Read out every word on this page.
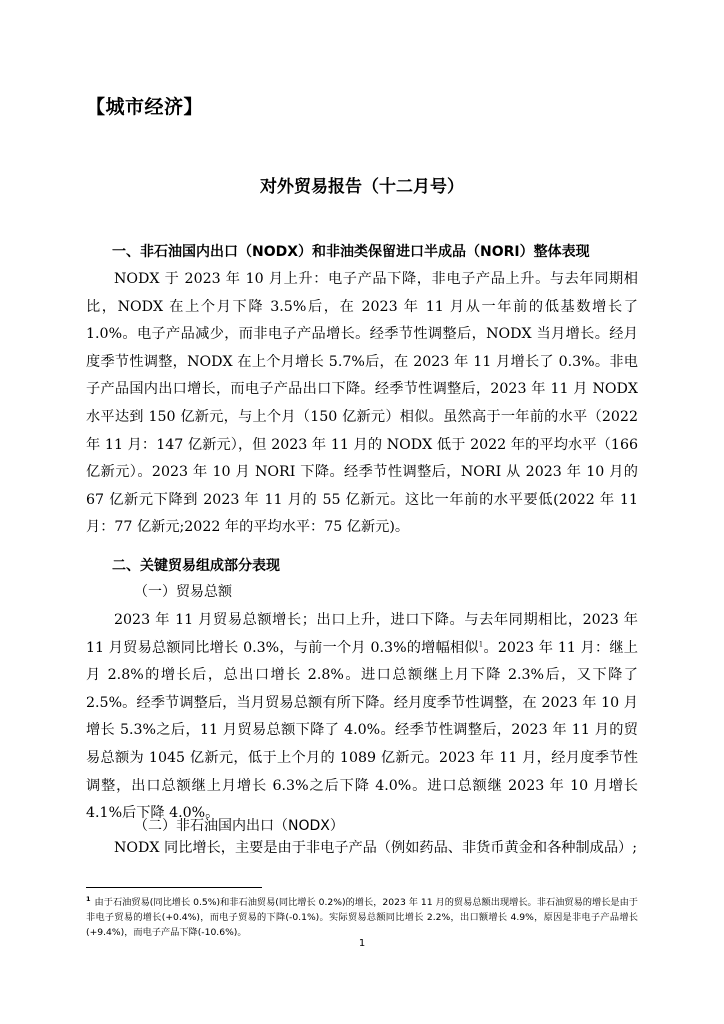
【城市经济】
对外贸易报告（十二月号）
一、非石油国内出口（NODX）和非油类保留进口半成品（NORI）整体表现

NODX 于 2023 年 10 月上升：电子产品下降，非电子产品上升。与去年同期相比，NODX 在上个月下降 3.5%后，在 2023 年 11 月从一年前的低基数增长了 1.0%。电子产品减少，而非电子产品增长。经季节性调整后，NODX 当月增长。经月度季节性调整，NODX 在上个月增长 5.7%后，在 2023 年 11 月增长了 0.3%。非电子产品国内出口增长，而电子产品出口下降。经季节性调整后，2023 年 11 月 NODX 水平达到 150 亿新元，与上个月（150 亿新元）相似。虽然高于一年前的水平（2022 年 11 月：147 亿新元），但 2023 年 11 月的 NODX 低于 2022 年的平均水平（166 亿新元）。2023 年 10 月 NORI 下降。经季节性调整后，NORI 从 2023 年 10 月的 67 亿新元下降到 2023 年 11 月的 55 亿新元。这比一年前的水平要低(2022 年 11 月：77 亿新元;2022 年的平均水平：75 亿新元)。

二、关键贸易组成部分表现
（一）贸易总额

2023 年 11 月贸易总额增长；出口上升，进口下降。与去年同期相比，2023 年 11 月贸易总额同比增长 0.3%，与前一个月 0.3%的增幅相似$^1$。2023 年 11 月：继上月 2.8%的增长后，总出口增长 2.8%。进口总额继上月下降 2.3%后，又下降了 2.5%。经季节调整后，当月贸易总额有所下降。经月度季节性调整，在 2023 年 10 月增长 5.3%之后，11 月贸易总额下降了 4.0%。经季节性调整后，2023 年 11 月的贸易总额为 1045 亿新元，低于上个月的 1089 亿新元。2023 年 11 月，经月度季节性调整，出口总额继上月增长 6.3%之后下降 4.0%。进口总额继 2023 年 10 月增长 4.1%后下降 4.0%。

（二）非石油国内出口（NODX）

NODX 同比增长，主要是由于非电子产品（例如药品、非货币黄金和各种制成品）;

$^1$ 由于石油贸易(同比增长 0.5%)和非石油贸易(同比增长 0.2%)的增长，2023 年 11 月的贸易总额出现增长。非石油贸易的增长是由于非电子贸易的增长(+0.4%)，而电子贸易的下降(-0.1%)。实际贸易总额同比增长 2.2%，出口额增长 4.9%，原因是非电子产品增长(+9.4%)，而电子产品下降(-10.6%)。

1
